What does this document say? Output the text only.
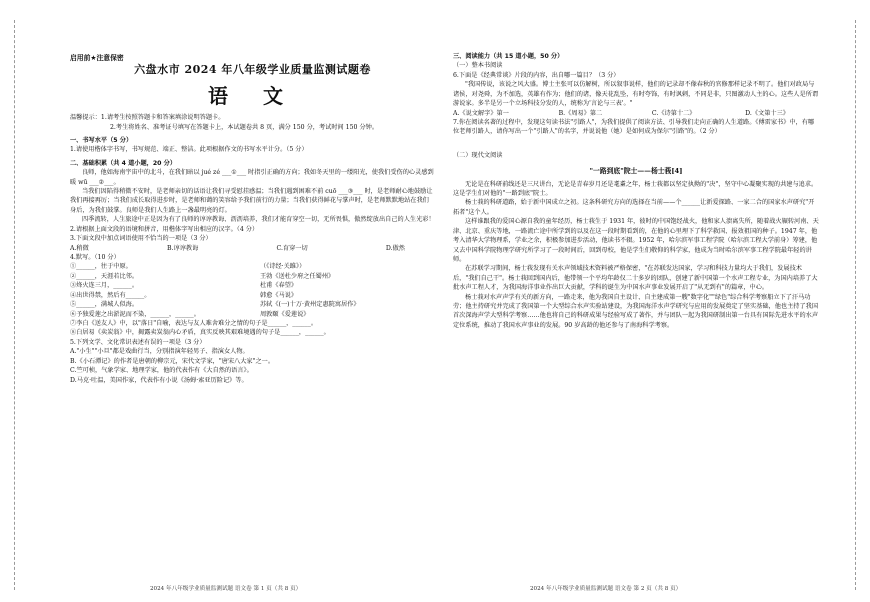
启用前★注意保密
六盘水市 2024 年八年级学业质量监测试题卷
语 文

温馨提示：1.请考生按照答题卡和答案填涂说明答题卡。

2.考生将姓名、准考证号填写在答题卡上，本试题卷共 8 页，满分 150 分，考试时间 150 分钟。

一、书写水平（5 分）

1.请使用楷体字书写，书写规范、端正、整洁。此项根据作文的书写水平计分。（5 分）

二、基础积累（共 4 道小题，20 分）

良师，他如海南宇宙中的北斗，在我们暗以 jué zé ___①___ 时指引正确的方向；我如冬天里的一缕阳光，使我们受伤的心灵感到暖 wū ___②___。

当我们因陷得稍微不安时，是老师亲切的话语让我们寻受慰挂感温；当我们遇到困难不前 cuō ___③___ 时，是老师耐心地鼓励让我们再接再厉；当我们成长取得进步时，是老师和蔼的笑容给予我们前行的力量；当我们获得鲜花与掌声时，是老师默默地站在我们身后，为我们鼓掌。良师是我们人生路上一盏最明亮的灯。

四季流转，人生旅途中正是因为有了良师的谆谆教诲、沥沥培养，我们才能育穿空一切，无所畏惧，傲然绽放出自己的人生光彩！

2.请根据上面文段的语境和拼音，用楷体字写出相应的汉字。（4 分）

3.下面文段中加点词语使用不恰当的一项是（3 分）

A.稍微	B.谆谆教诲	C.育穿一切	D.傲然

4.默写。（10 分）

①______，往于中原。	（《诗经·关雎》）
②______，天涯若比邻。	王勃《送杜少府之任蜀州》
③烽火连三月，______。	杜甫《春望》
④出世得禁，然后有______。	韩愈《马说》
⑤______，满城人似海。	苏轼《(一)十万·黄州定惠院寓居作》
⑥予独爱莲之出淤泥而不染，______，______。	周敦颐《爱莲说》

⑦李白《送友人》中，以"落日"自喻，表达与友人难舍难分之情的句子是______，______。

⑧白居易《卖炭翁》中，揭露卖炭翁内心矛盾，真实反映其艰难境遇的句子是______，______。

5.下列文学、文化常识表述有误的一项是（3 分）

A."小生""小旦"都是戏曲行当，分别指演年轻男子、指演女人物。

B.《小石潭记》的作者是唐朝的柳宗元，宋代文学家，"唐宋八大家"之一。

C.竺可桢，气象学家、地理学家，他的代表作有《大自然的语言》。

D.马克·吐温，美国作家，代表作有小说《汤姆·索亚历险记》等。

三、阅读能力（共 15 道小题，50 分）

（一）整本书阅读

6.下面是《经典常谈》片段的内容，出自哪一篇目？（3 分）

"我国传说，该说之风大盛。博士主张可以仿解树，所以叙事说样，他们的记录却不像春秋的官修那样记录不明了。他们对政局与诸侯，对尧舜，为不加选，英雄有作为；他们的诸，像天花乱坠，有时夸饰，有时讽刺，不同是非，只图激动人主的心。这些人是所谓游说家。多半是另一个立场科技分发的人，统称为'言论与三表'。"

A.《说文解字》第一	B.《周易》第二	C.《诗第十二》	D.《文第十三》

7.你在阅读名著的过程中，发现这句读书法"引路人"，为我们提供了阅读方法、引导我们走向正确的人生道路。《傅雷家书》中，有哪位老师引路人，请你写出一个"引路人"的名字，并说说他（她）是如何成为保尔"引路"的。（2 分）

（二）现代文阅读

"一路到底"院士——杨士莪[4]

无论是在科研前线还是三尺讲台，无论是青春岁月还是耄耋之年，杨士莪都以坚定执拗的"决"，坚守中心凝聚实现的共建与追求。这是学生们对他的"一路到底"院士。

杨士莪的科研道路，始于新中国成立之初。这条科研究方向的选择在当前——个______让新爱探路、一家二合的国家水声研究"开拓者"这个人。

这样谁跟我的爱国心源自我的童年经历，杨士莪生于 1931 年，彼时的中国饱经战火，他和家人溃离失所，随着战火辗转河南、天津、北京、重庆等地，一路流亡途中所学到的以及在这一段时期看到的，在他的心里埋下了科学救国、报效祖国的种子。1947 年，他考入清华大学物理系，学业之余，积极参加进步活动，他读书不辍。1952 年，哈尔滨军事工程学院（哈尔滨工程大学前身）筹建，他又去中国科学院物理学研究所学习了一段时间后，回到母校，他是学生们敬仰的科学家，他成为当时哈尔滨军事工程学院最年轻的讲师。

在苏联学习期间，杨士莪发现有关水声领域技术资料被严格保密，"在苏联发达国家，学习和科技力量均大于我们，发展技术后，"我们自己干"。杨士莪回到国内后，他带领一个平均年龄仅二十多岁的团队，创建了新中国第一个水声工程专业，为国内培养了大批水声工程人才，为我国海洋事业作出巨大贡献，学科的诞生为中国水声事业发展开启了"从无到有"的篇章，中心。

杨士莪对水声声学有关的新方向，一路走来，他为我国自主设计、自主建成第一艘"数字化""绿色"综合科学考察船立下了汗马功劳；他主持研究并完成了我国第一个大型综合水声实验站建设，为我国海洋水声学研究与应用的发展奠定了坚实基础，他也主持了我国首次深海声学大型科学考察……他也将自己的科研成果与经验写成了著作，并与团队一起为我国研制出第一台具有国际先进水平的水声定位系统，推动了我国水声事业的发展。90 岁高龄的他还参与了南海科学考察。

2024 年八年级学业质量监测试题 语文卷 第 1 页（共 8 页）	2024 年八年级学业质量监测试题 语文卷 第 2 页（共 8 页）
